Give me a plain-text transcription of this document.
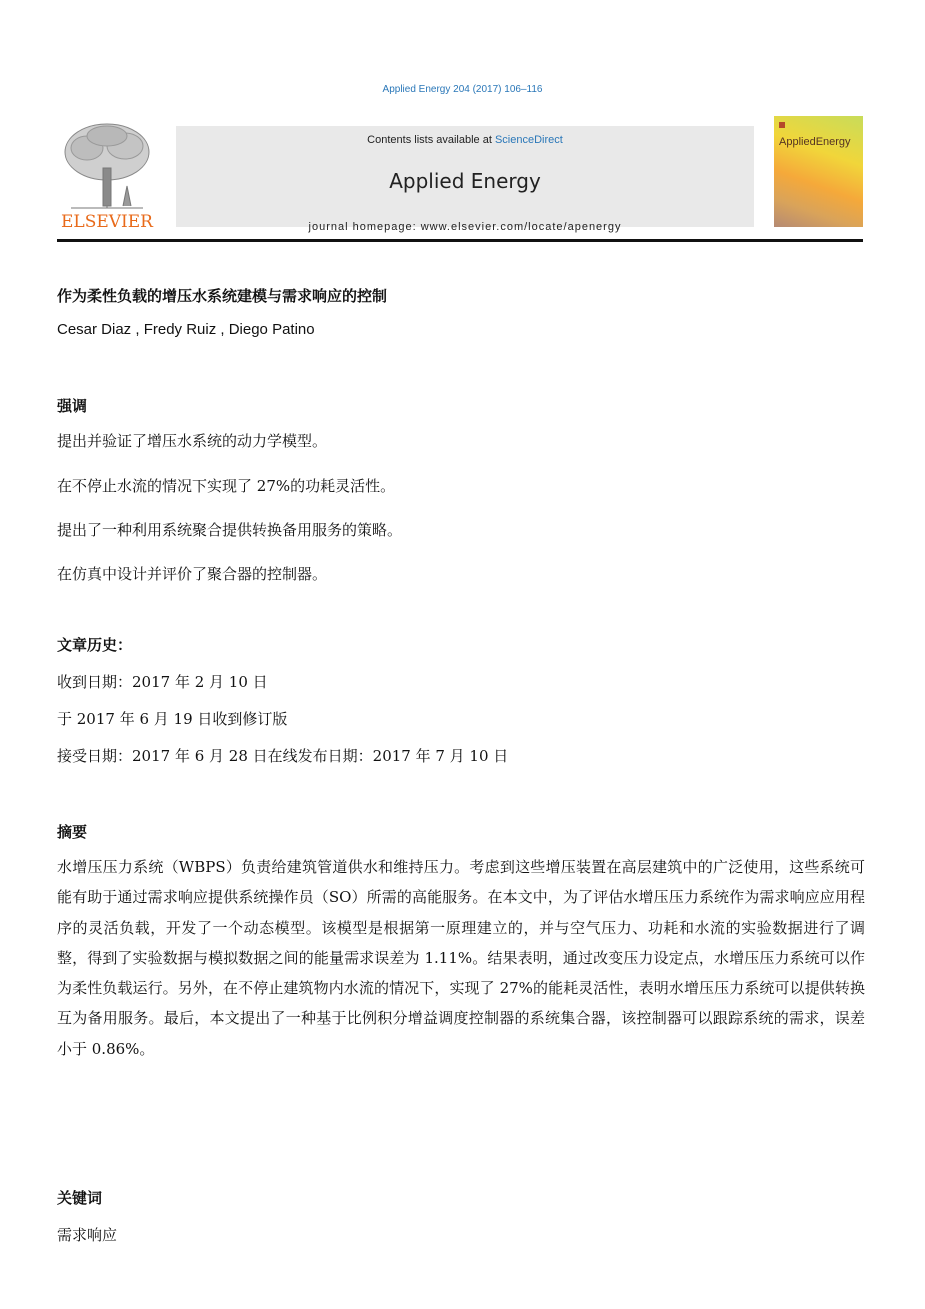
Applied Energy 204 (2017) 106–116
ELSEVIER
Contents lists available at ScienceDirect
Applied Energy
journal homepage: www.elsevier.com/locate/apenergy
AppliedEnergy
作为柔性负载的增压水系统建模与需求响应的控制
Cesar Diaz , Fredy Ruiz , Diego Patino
强调
提出并验证了增压水系统的动力学模型。
在不停止水流的情况下实现了 27%的功耗灵活性。
提出了一种利用系统聚合提供转换备用服务的策略。
在仿真中设计并评价了聚合器的控制器。
文章历史：
收到日期：2017 年 2 月 10 日
于 2017 年 6 月 19 日收到修订版
接受日期：2017 年 6 月 28 日在线发布日期：2017 年 7 月 10 日
摘要
水增压压力系统（WBPS）负责给建筑管道供水和维持压力。考虑到这些增压装置在高层建筑中的广泛使用，这些系统可能有助于通过需求响应提供系统操作员（SO）所需的高能服务。在本文中，为了评估水增压压力系统作为需求响应应用程序的灵活负载，开发了一个动态模型。该模型是根据第一原理建立的，并与空气压力、功耗和水流的实验数据进行了调整，得到了实验数据与模拟数据之间的能量需求误差为 1.11%。结果表明，通过改变压力设定点，水增压压力系统可以作为柔性负载运行。另外，在不停止建筑物内水流的情况下，实现了 27%的能耗灵活性，表明水增压压力系统可以提供转换互为备用服务。最后，本文提出了一种基于比例积分增益调度控制器的系统集合器，该控制器可以跟踪系统的需求，误差小于 0.86%。
关键词
需求响应
